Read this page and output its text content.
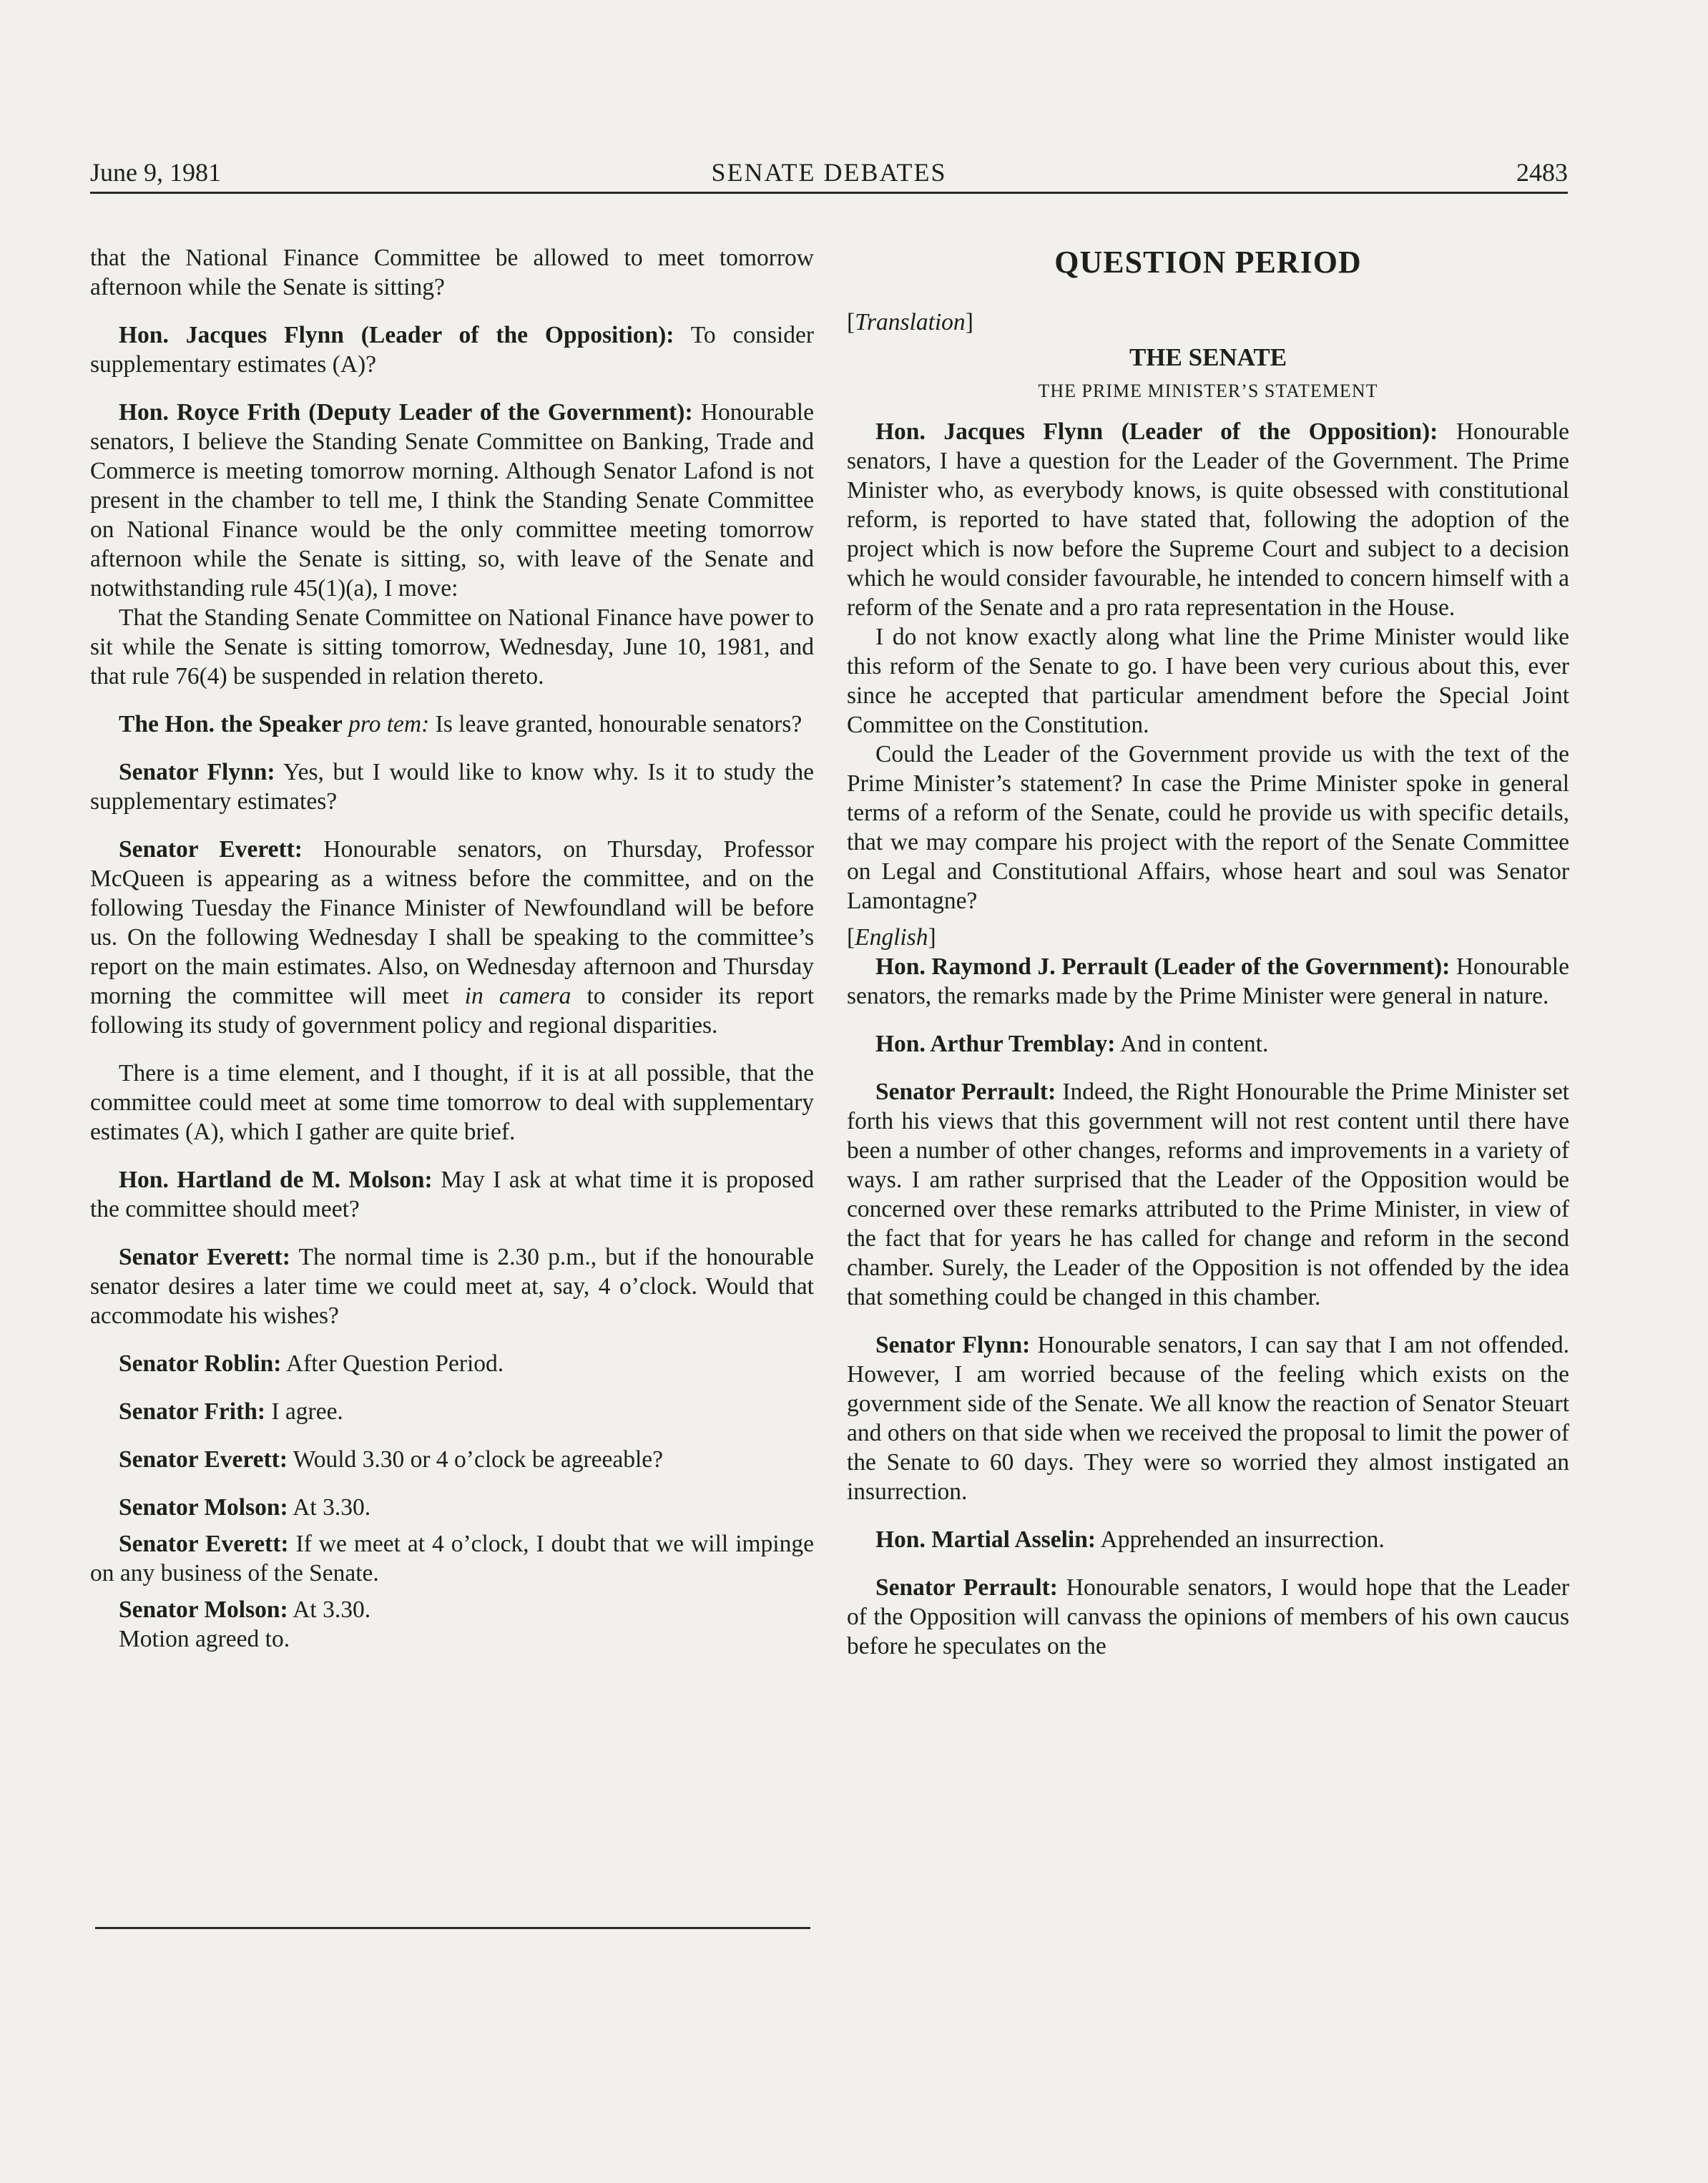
June 9, 1981	SENATE DEBATES	2483

that the National Finance Committee be allowed to meet tomorrow afternoon while the Senate is sitting?

Hon. Jacques Flynn (Leader of the Opposition): To consider supplementary estimates (A)?

Hon. Royce Frith (Deputy Leader of the Government): Honourable senators, I believe the Standing Senate Committee on Banking, Trade and Commerce is meeting tomorrow morning. Although Senator Lafond is not present in the chamber to tell me, I think the Standing Senate Committee on National Finance would be the only committee meeting tomorrow afternoon while the Senate is sitting, so, with leave of the Senate and notwithstanding rule 45(1)(a), I move:

That the Standing Senate Committee on National Finance have power to sit while the Senate is sitting tomorrow, Wednesday, June 10, 1981, and that rule 76(4) be suspended in relation thereto.

The Hon. the Speaker pro tem: Is leave granted, honourable senators?

Senator Flynn: Yes, but I would like to know why. Is it to study the supplementary estimates?

Senator Everett: Honourable senators, on Thursday, Professor McQueen is appearing as a witness before the committee, and on the following Tuesday the Finance Minister of Newfoundland will be before us. On the following Wednesday I shall be speaking to the committee’s report on the main estimates. Also, on Wednesday afternoon and Thursday morning the committee will meet in camera to consider its report following its study of government policy and regional disparities.

There is a time element, and I thought, if it is at all possible, that the committee could meet at some time tomorrow to deal with supplementary estimates (A), which I gather are quite brief.

Hon. Hartland de M. Molson: May I ask at what time it is proposed the committee should meet?

Senator Everett: The normal time is 2.30 p.m., but if the honourable senator desires a later time we could meet at, say, 4 o’clock. Would that accommodate his wishes?

Senator Roblin: After Question Period.

Senator Frith: I agree.

Senator Everett: Would 3.30 or 4 o’clock be agreeable?

Senator Molson: At 3.30.

Senator Everett: If we meet at 4 o’clock, I doubt that we will impinge on any business of the Senate.

Senator Molson: At 3.30.

Motion agreed to.

QUESTION PERIOD

[Translation]

THE SENATE
THE PRIME MINISTER’S STATEMENT

Hon. Jacques Flynn (Leader of the Opposition): Honourable senators, I have a question for the Leader of the Government. The Prime Minister who, as everybody knows, is quite obsessed with constitutional reform, is reported to have stated that, following the adoption of the project which is now before the Supreme Court and subject to a decision which he would consider favourable, he intended to concern himself with a reform of the Senate and a pro rata representation in the House.

I do not know exactly along what line the Prime Minister would like this reform of the Senate to go. I have been very curious about this, ever since he accepted that particular amendment before the Special Joint Committee on the Constitution.

Could the Leader of the Government provide us with the text of the Prime Minister’s statement? In case the Prime Minister spoke in general terms of a reform of the Senate, could he provide us with specific details, that we may compare his project with the report of the Senate Committee on Legal and Constitutional Affairs, whose heart and soul was Senator Lamontagne?

[English]

Hon. Raymond J. Perrault (Leader of the Government): Honourable senators, the remarks made by the Prime Minister were general in nature.

Hon. Arthur Tremblay: And in content.

Senator Perrault: Indeed, the Right Honourable the Prime Minister set forth his views that this government will not rest content until there have been a number of other changes, reforms and improvements in a variety of ways. I am rather surprised that the Leader of the Opposition would be concerned over these remarks attributed to the Prime Minister, in view of the fact that for years he has called for change and reform in the second chamber. Surely, the Leader of the Opposition is not offended by the idea that something could be changed in this chamber.

Senator Flynn: Honourable senators, I can say that I am not offended. However, I am worried because of the feeling which exists on the government side of the Senate. We all know the reaction of Senator Steuart and others on that side when we received the proposal to limit the power of the Senate to 60 days. They were so worried they almost instigated an insurrection.

Hon. Martial Asselin: Apprehended an insurrection.

Senator Perrault: Honourable senators, I would hope that the Leader of the Opposition will canvass the opinions of members of his own caucus before he speculates on the
